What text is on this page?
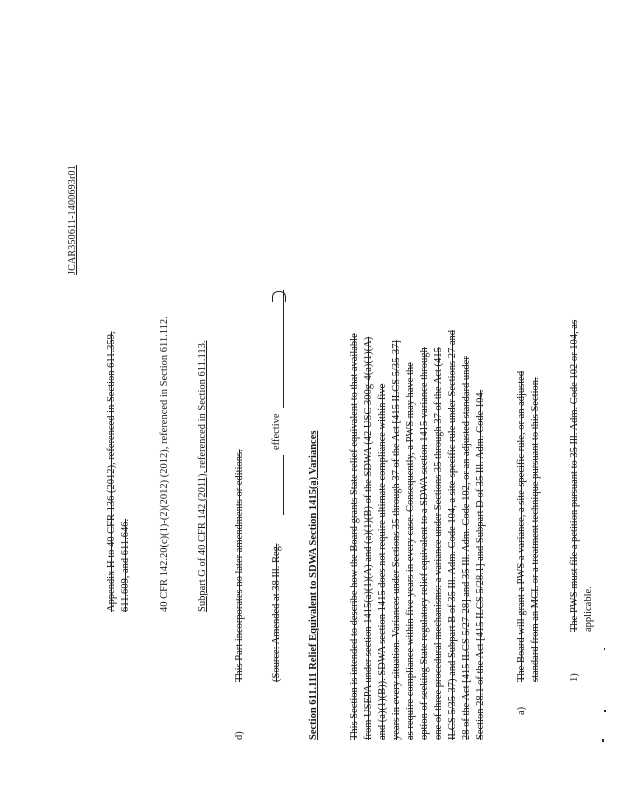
JCAR350611-1400693r01
Appendix H to 40 CFR 136 (2012), referenced in Section 611.359, 611.609, and 611.646.	40 CFR 142.20(c)(1)-(2)(2012) (2012), referenced in Section 611.112.	Subpart G of 40 CFR 142 (2011), referenced in Section 611.113.
d)
This Part incorporates no later amendments or editions. (Source: Amended at 38 Ill. Reg.
effective Section 611.111 Relief Equivalent to SDWA Section 1415(a) Variances	This Section is intended to describe how the Board grants State relief equivalent to that available from USEPA under section 1415(a)(1)(A) and (a)(1)(B) of the SDWA (42 USC 300g-4(a)(1)(A) and (a)(1)(B)). SDWA section 1415 does not require ultimate compliance within five years in every situation. Variances under Sections 35 through 37 of the Act [415 ILCS 5/35-37] as require compliance within five years in every case. Consequently, a PWS may have the option of seeking State regulatory relief equivalent to a SDWA section 1415 variance through one of three procedural mechanisms: a variance under Sections 35 through 37 of the Act (415 ILCS 5/35-37) and Subpart B of 35 Ill. Adm. Code 104, a site-specific rule under Sections 27 and 28 of the Act [415 ILCS 5/27-28] and 35 Ill. Adm. Code 102, or an adjusted standard under Section 28.1 of the Act [415 ILCS 5/28.1] and Subpart D of 35 Ill. Adm. Code 104.	a)
The Board will grant a PWS a variance, a site-specific rule, or an adjusted standard from an MCL or a treatment technique pursuant to this Section.	1)
The PWS must file a petition pursuant to 35 Ill. Adm. Code 102 or 104, as applicable.
